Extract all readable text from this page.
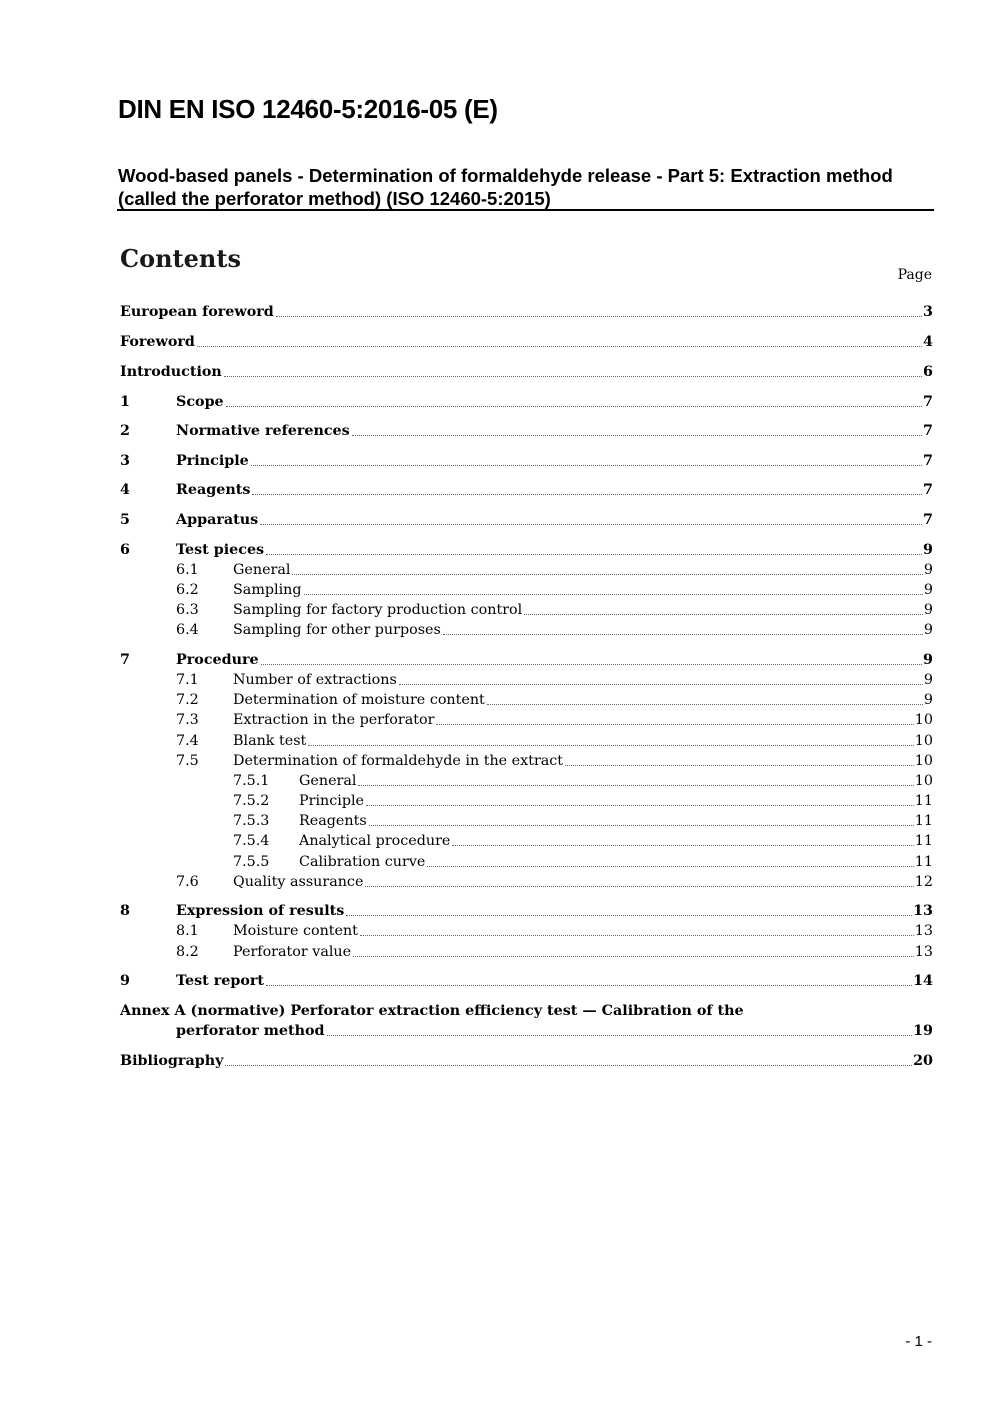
DIN EN ISO 12460-5:2016-05 (E)
Wood-based panels - Determination of formaldehyde release - Part 5: Extraction method (called the perforator method) (ISO 12460-5:2015)
Contents
Page
European foreword	3
Foreword	4
Introduction	6
1	Scope	7
2	Normative references	7
3	Principle	7
4	Reagents	7
5	Apparatus	7
6	Test pieces	9
6.1	General	9
6.2	Sampling	9
6.3	Sampling for factory production control	9
6.4	Sampling for other purposes	9
7	Procedure	9
7.1	Number of extractions	9
7.2	Determination of moisture content	9
7.3	Extraction in the perforator	10
7.4	Blank test	10
7.5	Determination of formaldehyde in the extract	10
7.5.1	General	10
7.5.2	Principle	11
7.5.3	Reagents	11
7.5.4	Analytical procedure	11
7.5.5	Calibration curve	11
7.6	Quality assurance	12
8	Expression of results	13
8.1	Moisture content	13
8.2	Perforator value	13
9	Test report	14
Annex A (normative) Perforator extraction efficiency test — Calibration of the
perforator method	19
Bibliography	20
- 1 -
